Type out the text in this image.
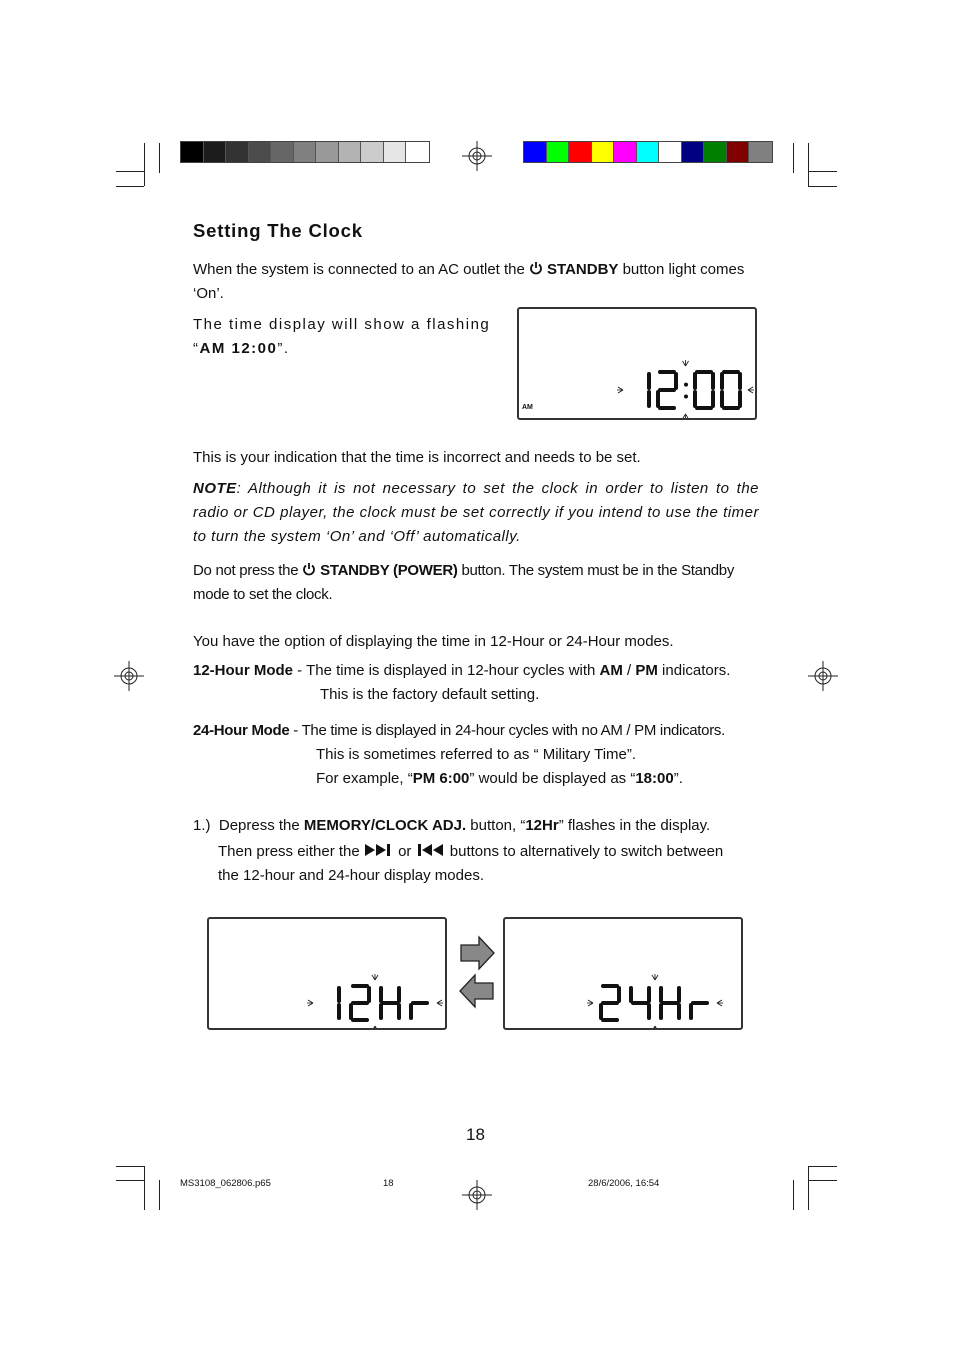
Setting The Clock

When the system is connected to an AC outlet the STANDBY button light comes ‘On’.

The time display will show a flashing “AM 12:00”.

AM

This is your indication that the time is incorrect and needs to be set.

NOTE: Although it is not necessary to set the clock in order to listen to the radio or CD player, the clock must be set correctly if you intend to use the timer to turn the system ‘On’ and ‘Off’ automatically.

Do not press the STANDBY (POWER) button. The system must be in the Standby mode to set the clock.

You have the option of displaying the time in 12-Hour or 24-Hour modes.

12-Hour Mode - The time is displayed in 12-hour cycles with AM / PM indicators.

This is the factory default setting.

24-Hour Mode - The time is displayed in 24-hour cycles with no AM / PM indicators.

This is sometimes referred to as “ Military Time”.

For example, “PM 6:00” would be displayed as “18:00”.

1.) Depress the MEMORY/CLOCK ADJ. button, “12Hr” flashes in the display.

Then press either the  or  buttons to alternatively to switch between

the 12-hour and 24-hour display modes.

18
MS3108_062806.p65	18	28/6/2006, 16:54
